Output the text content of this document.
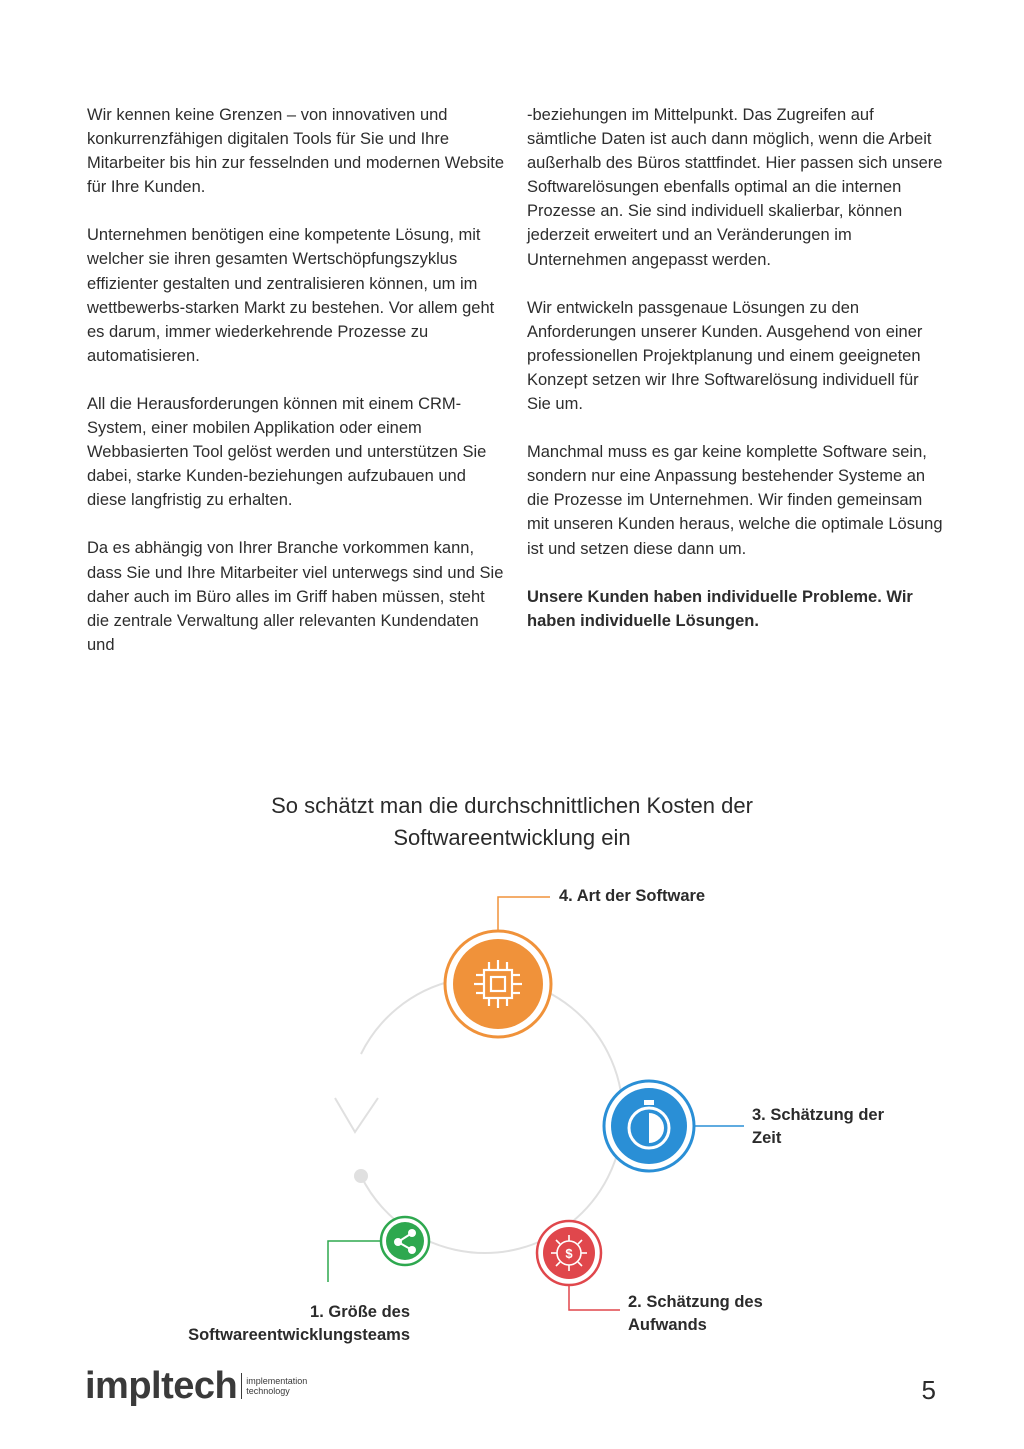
Wir kennen keine Grenzen – von innovativen und konkurrenzfähigen digitalen Tools für Sie und Ihre Mitarbeiter bis hin zur fesselnden und modernen Website für Ihre Kunden.

Unternehmen benötigen eine kompetente Lösung, mit welcher sie ihren gesamten Wertschöpfungszyklus effizienter gestalten und zentralisieren können, um im wettbewerbs-starken Markt zu bestehen. Vor allem geht es darum, immer wiederkehrende Prozesse zu automatisieren.

All die Herausforderungen können mit einem CRM-System, einer mobilen Applikation oder einem Webbasierten Tool gelöst werden und unterstützen Sie dabei, starke Kunden-beziehungen aufzubauen und diese langfristig zu erhalten.

Da es abhängig von Ihrer Branche vorkommen kann, dass Sie und Ihre Mitarbeiter viel unterwegs sind und Sie daher auch im Büro alles im Griff haben müssen, steht die zentrale Verwaltung aller relevanten Kundendaten und

-beziehungen im Mittelpunkt. Das Zugreifen auf sämtliche Daten ist auch dann möglich, wenn die Arbeit außerhalb des Büros stattfindet. Hier passen sich unsere Softwarelösungen ebenfalls optimal an die internen Prozesse an. Sie sind individuell skalierbar, können jederzeit erweitert und an Veränderungen im Unternehmen angepasst werden.

Wir entwickeln passgenaue Lösungen zu den Anforderungen unserer Kunden. Ausgehend von einer professionellen Projektplanung und einem geeigneten Konzept setzen wir Ihre Softwarelösung individuell für Sie um.

Manchmal muss es gar keine komplette Software sein, sondern nur eine Anpassung bestehender Systeme an die Prozesse im Unternehmen. Wir finden gemeinsam mit unseren Kunden heraus, welche die optimale Lösung ist und setzen diese dann um.

Unsere Kunden haben individuelle Probleme. Wir haben individuelle Lösungen.

So schätzt man die durchschnittlichen Kosten der
Softwareentwicklung ein
$
4. Art der Software
3. Schätzung der
Zeit
2. Schätzung des
Aufwands
1. Größe des
Softwareentwicklungsteams
impltech implementation
technology	5
